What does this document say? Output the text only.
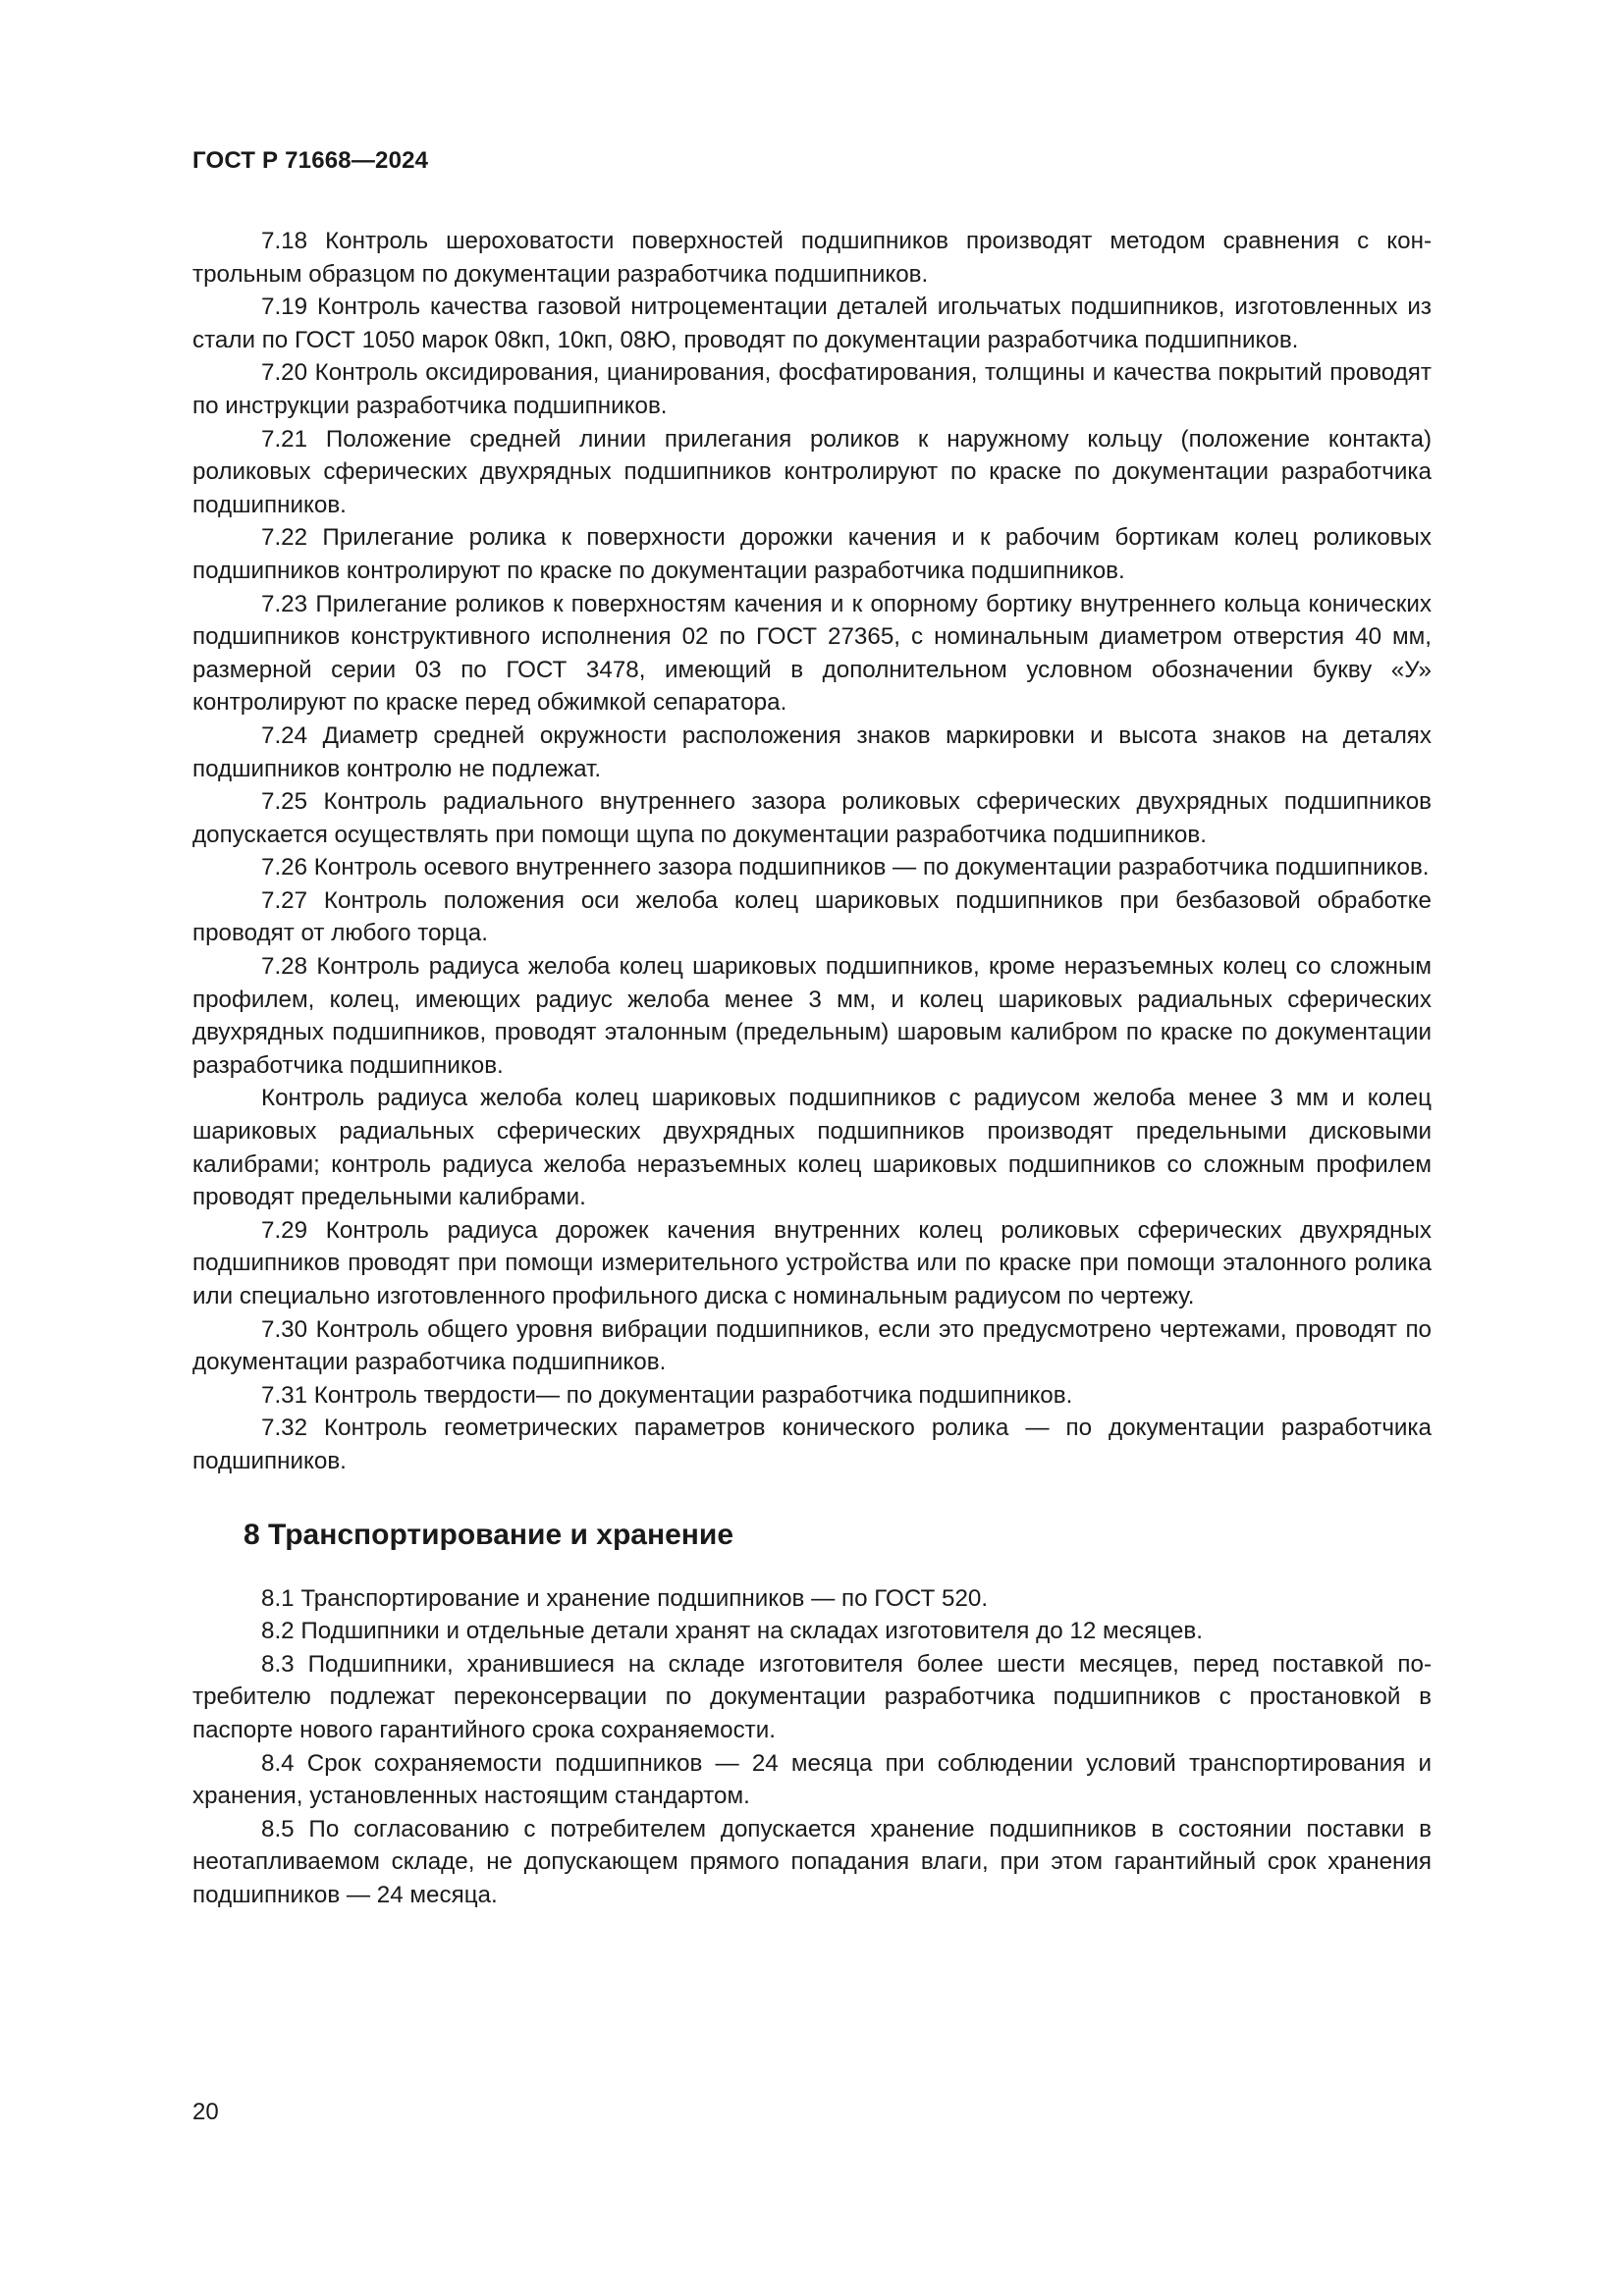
ГОСТ Р 71668—2024

7.18 Контроль шероховатости поверхностей подшипников производят методом сравнения с контрольным образцом по документации разработчика подшипников.

7.19 Контроль качества газовой нитроцементации деталей игольчатых подшипников, изготовленных из стали по ГОСТ 1050 марок 08кп, 10кп, 08Ю, проводят по документации разработчика подшипников.

7.20 Контроль оксидирования, цианирования, фосфатирования, толщины и качества покрытий проводят по инструкции разработчика подшипников.

7.21 Положение средней линии прилегания роликов к наружному кольцу (положение контакта) роликовых сферических двухрядных подшипников контролируют по краске по документации разработчика подшипников.

7.22 Прилегание ролика к поверхности дорожки качения и к рабочим бортикам колец роликовых подшипников контролируют по краске по документации разработчика подшипников.

7.23 Прилегание роликов к поверхностям качения и к опорному бортику внутреннего кольца конических подшипников конструктивного исполнения 02 по ГОСТ 27365, с номинальным диаметром отверстия 40 мм, размерной серии 03 по ГОСТ 3478, имеющий в дополнительном условном обозначении букву «У» контролируют по краске перед обжимкой сепаратора.

7.24 Диаметр средней окружности расположения знаков маркировки и высота знаков на деталях подшипников контролю не подлежат.

7.25 Контроль радиального внутреннего зазора роликовых сферических двухрядных подшипников допускается осуществлять при помощи щупа по документации разработчика подшипников.

7.26 Контроль осевого внутреннего зазора подшипников — по документации разработчика подшипников.

7.27 Контроль положения оси желоба колец шариковых подшипников при безбазовой обработке проводят от любого торца.

7.28 Контроль радиуса желоба колец шариковых подшипников, кроме неразъемных колец со сложным профилем, колец, имеющих радиус желоба менее 3 мм, и колец шариковых радиальных сферических двухрядных подшипников, проводят эталонным (предельным) шаровым калибром по краске по документации разработчика подшипников.

Контроль радиуса желоба колец шариковых подшипников с радиусом желоба менее 3 мм и колец шариковых радиальных сферических двухрядных подшипников производят предельными дисковыми калибрами; контроль радиуса желоба неразъемных колец шариковых подшипников со сложным профилем проводят предельными калибрами.

7.29 Контроль радиуса дорожек качения внутренних колец роликовых сферических двухрядных подшипников проводят при помощи измерительного устройства или по краске при помощи эталонного ролика или специально изготовленного профильного диска с номинальным радиусом по чертежу.

7.30 Контроль общего уровня вибрации подшипников, если это предусмотрено чертежами, проводят по документации разработчика подшипников.

7.31 Контроль твердости— по документации разработчика подшипников.

7.32 Контроль геометрических параметров конического ролика — по документации разработчика подшипников.

8 Транспортирование и хранение

8.1 Транспортирование и хранение подшипников — по ГОСТ 520.

8.2 Подшипники и отдельные детали хранят на складах изготовителя до 12 месяцев.

8.3 Подшипники, хранившиеся на складе изготовителя более шести месяцев, перед поставкой потребителю подлежат переконсервации по документации разработчика подшипников с простановкой в паспорте нового гарантийного срока сохраняемости.

8.4 Срок сохраняемости подшипников — 24 месяца при соблюдении условий транспортирования и хранения, установленных настоящим стандартом.

8.5 По согласованию с потребителем допускается хранение подшипников в состоянии поставки в неотапливаемом складе, не допускающем прямого попадания влаги, при этом гарантийный срок хранения подшипников — 24 месяца.

20
